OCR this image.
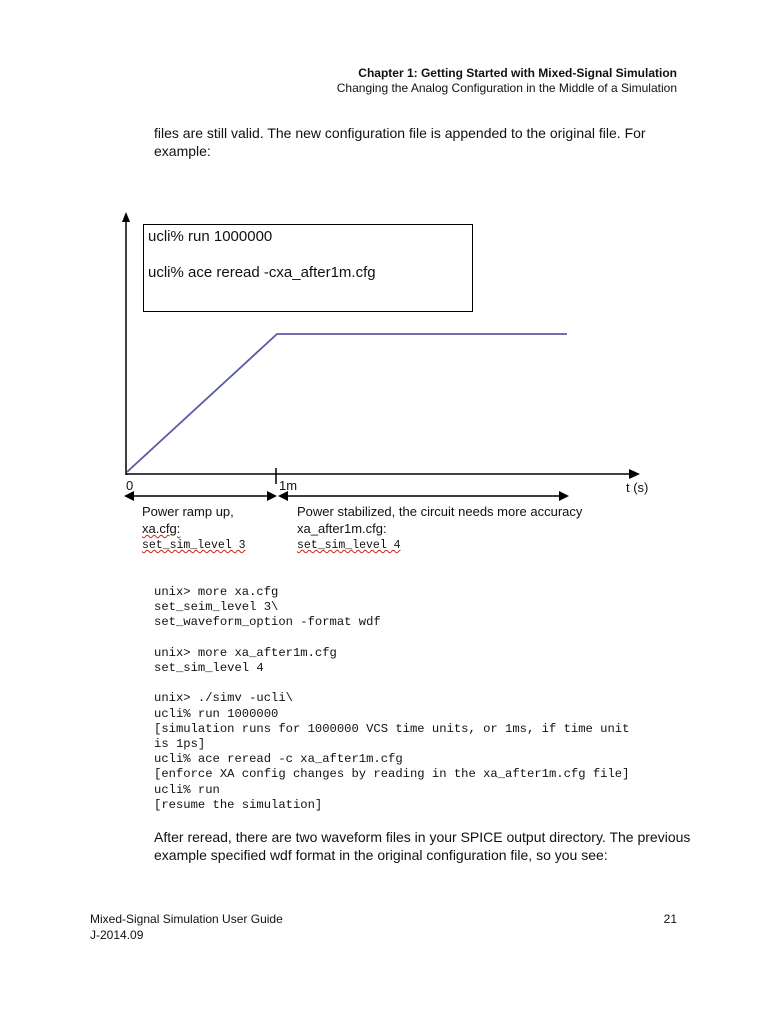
Chapter 1: Getting Started with Mixed-Signal Simulation
Changing the Analog Configuration in the Middle of a Simulation
files are still valid. The new configuration file is appended to the original file. For example:
ucli% run 1000000
ucli% ace reread -cxa_after1m.cfg
0	1m	t (s)
Power ramp up,
xa.cfg:
set_sim_level 3
Power stabilized, the circuit needs more accuracy
xa_after1m.cfg:
set_sim_level 4
unix> more xa.cfg
set_seim_level 3\
set_waveform_option -format wdf

unix> more xa_after1m.cfg
set_sim_level 4

unix> ./simv -ucli\
ucli% run 1000000
[simulation runs for 1000000 VCS time units, or 1ms, if time unit
is 1ps]
ucli% ace reread -c xa_after1m.cfg
[enforce XA config changes by reading in the xa_after1m.cfg file]
ucli% run
[resume the simulation]
After reread, there are two waveform files in your SPICE output directory. The previous example specified wdf format in the original configuration file, so you see:
Mixed-Signal Simulation User Guide
J-2014.09
21
